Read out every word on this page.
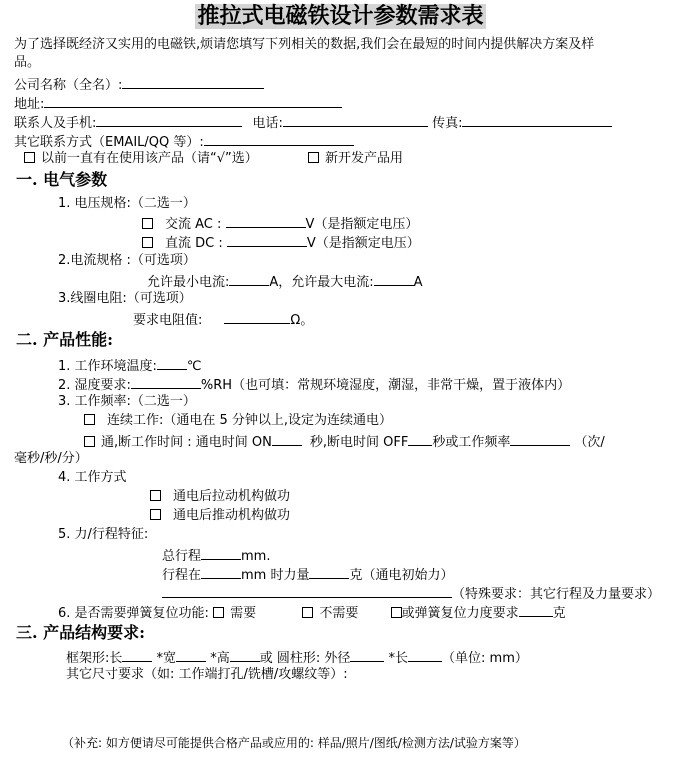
推拉式电磁铁设计参数需求表
为了选择既经济又实用的电磁铁,烦请您填写下列相关的数据,我们会在最短的时间内提供解决方案及样
品。
公司名称（全名）:
地址:
联系人及手机:	电话:	传真:
其它联系方式（EMAIL/QQ 等）:
以前一直有在使用该产品（请“√”选）	新开发产品用
一. 电气参数
1. 电压规格:（二选一）
交流 AC :	V（是指额定电压）
直流 DC :	V（是指额定电压）
2.电流规格 :（可选项）
允许最小电流:	A，允许最大电流:	A
3.线圈电阻:（可选项）
要求电阻值:	Ω。
二. 产品性能:
1. 工作环境温度: ℃
2. 湿度要求:	%RH（也可填：常规环境湿度，潮湿，非常干燥，置于液体内）
3. 工作频率:（二选一）
连续工作:（通电在 5 分钟以上,设定为连续通电）
通,断工作时间 : 通电时间 ON	秒,断电时间 OFF 秒或工作频率	（次/
毫秒/秒/分）
4. 工作方式
通电后拉动机构做功
通电后推动机构做功
5. 力/行程特征:
总行程	mm.
行程在	mm 时力量	克（通电初始力）
（特殊要求：其它行程及力量要求）
6. 是否需要弹簧复位功能: 需要	不需要	或弹簧复位力度要求	克
三. 产品结构要求:
框架形:长	*宽	*高 或 圆柱形: 外径	*长	（单位: mm）
其它尺寸要求（如: 工作端打孔/铣槽/攻螺纹等）:
（补充: 如方便请尽可能提供合格产品或应用的: 样品/照片/图纸/检测方法/试验方案等）
